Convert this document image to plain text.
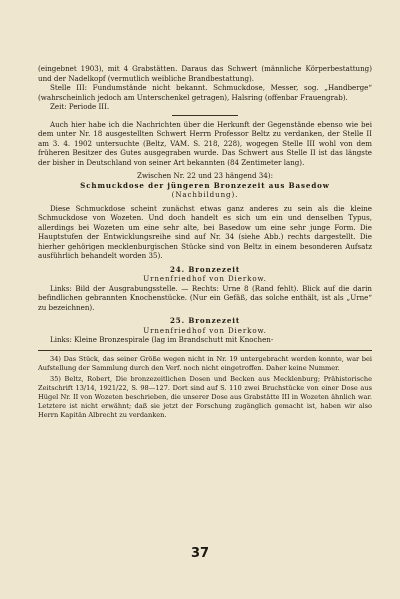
(eingebnet 1903), mit 4 Grabstätten. Daraus das Schwert (männliche Körperbestattung) und der Nadelkopf (vermutlich weibliche Brandbestattung).

Stelle III: Fundumstände nicht bekannt. Schmuckdose, Messer, sog. „Handberge“ (wahrscheinlich jedoch am Unterschenkel getragen), Halsring (offenbar Frauengrab).

Zeit: Periode III.

Auch hier habe ich die Nachrichten über die Herkunft der Gegenstände ebenso wie bei dem unter Nr. 18 ausgestellten Schwert Herrn Professor Beltz zu verdanken, der Stelle II am 3. 4. 1902 untersuchte (Beltz, VAM. S. 218, 228), wogegen Stelle III wohl von dem früheren Besitzer des Gutes ausgegraben wurde. Das Schwert aus Stelle II ist das längste der bisher in Deutschland von seiner Art bekannten (84 Zentimeter lang).

Zwischen Nr. 22 und 23 hängend 34):

Schmuckdose der jüngeren Bronzezeit aus Basedow

(Nachbildung).

Diese Schmuckdose scheint zunächst etwas ganz anderes zu sein als die kleine Schmuckdose von Wozeten. Und doch handelt es sich um ein und denselben Typus, allerdings bei Wozeten um eine sehr alte, bei Basedow um eine sehr junge Form. Die Hauptstufen der Entwicklungsreihe sind auf Nr. 34 (siehe Abb.) rechts dargestellt. Die hierher gehörigen mecklenburgischen Stücke sind von Beltz in einem besonderen Aufsatz ausführlich behandelt worden 35).

24. Bronzezeit

Urnenfriedhof von Dierkow.

Links: Bild der Ausgrabungsstelle. — Rechts: Urne 8 (Rand fehlt). Blick auf die darin befindlichen gebrannten Knochenstücke. (Nur ein Gefäß, das solche enthält, ist als „Urne“ zu bezeichnen).

25. Bronzezeit

Urnenfriedhof von Dierkow.

Links: Kleine Bronzespirale (lag im Brandschutt mit Knochen-

34) Das Stück, das seiner Größe wegen nicht in Nr. 19 untergebracht werden konnte, war bei Aufstellung der Sammlung durch den Verf. noch nicht eingetroffen. Daher keine Nummer.

35) Beltz, Robert, Die bronzezeitlichen Dosen und Becken aus Mecklenburg; Prähistorische Zeitschrift 13/14, 1921/22, S. 98—127. Dort sind auf S. 110 zwei Bruchstücke von einer Dose aus Hügel Nr. II von Wozeten beschrieben, die unserer Dose aus Grabstätte III in Wozeten ähnlich war. Letztere ist nicht erwähnt; daß sie jetzt der Forschung zugänglich gemacht ist, haben wir also Herrn Kapitän Albrecht zu verdanken.

37
